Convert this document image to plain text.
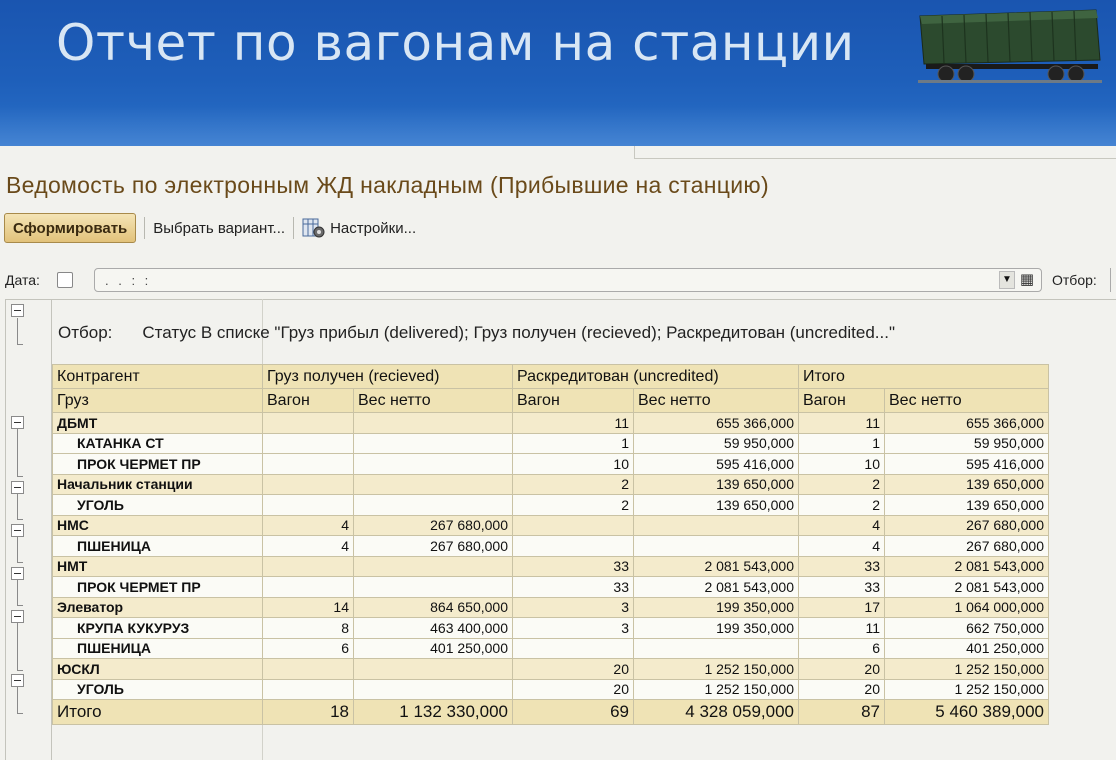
Отчет по вагонам на станции
Ведомость по электронным ЖД накладным (Прибывшие на станцию)
Сформировать	Выбрать вариант...	Настройки...
Дата:	. . : :	▼ ▦ Отбор:
Отбор: Статус В списке "Груз прибыл (delivered); Груз получен (recieved); Раскредитован (uncredited..."
Контрагент	Груз получен (recieved)		Раскредитован (uncredited)		Итого	
Груз	Вагон	Вес нетто	Вагон	Вес нетто	Вагон	Вес нетто
ДБМТ			11	655 366,000	11	655 366,000
КАТАНКА СТ			1	59 950,000	1	59 950,000
ПРОК ЧЕРМЕТ ПР			10	595 416,000	10	595 416,000
Начальник станции			2	139 650,000	2	139 650,000
УГОЛЬ			2	139 650,000	2	139 650,000
НМС	4	267 680,000			4	267 680,000
ПШЕНИЦА	4	267 680,000			4	267 680,000
НМТ			33	2 081 543,000	33	2 081 543,000
ПРОК ЧЕРМЕТ ПР			33	2 081 543,000	33	2 081 543,000
Элеватор	14	864 650,000	3	199 350,000	17	1 064 000,000
КРУПА КУКУРУЗ	8	463 400,000	3	199 350,000	11	662 750,000
ПШЕНИЦА	6	401 250,000			6	401 250,000
ЮСКЛ			20	1 252 150,000	20	1 252 150,000
УГОЛЬ			20	1 252 150,000	20	1 252 150,000
Итого	18	1 132 330,000	69	4 328 059,000	87	5 460 389,000
